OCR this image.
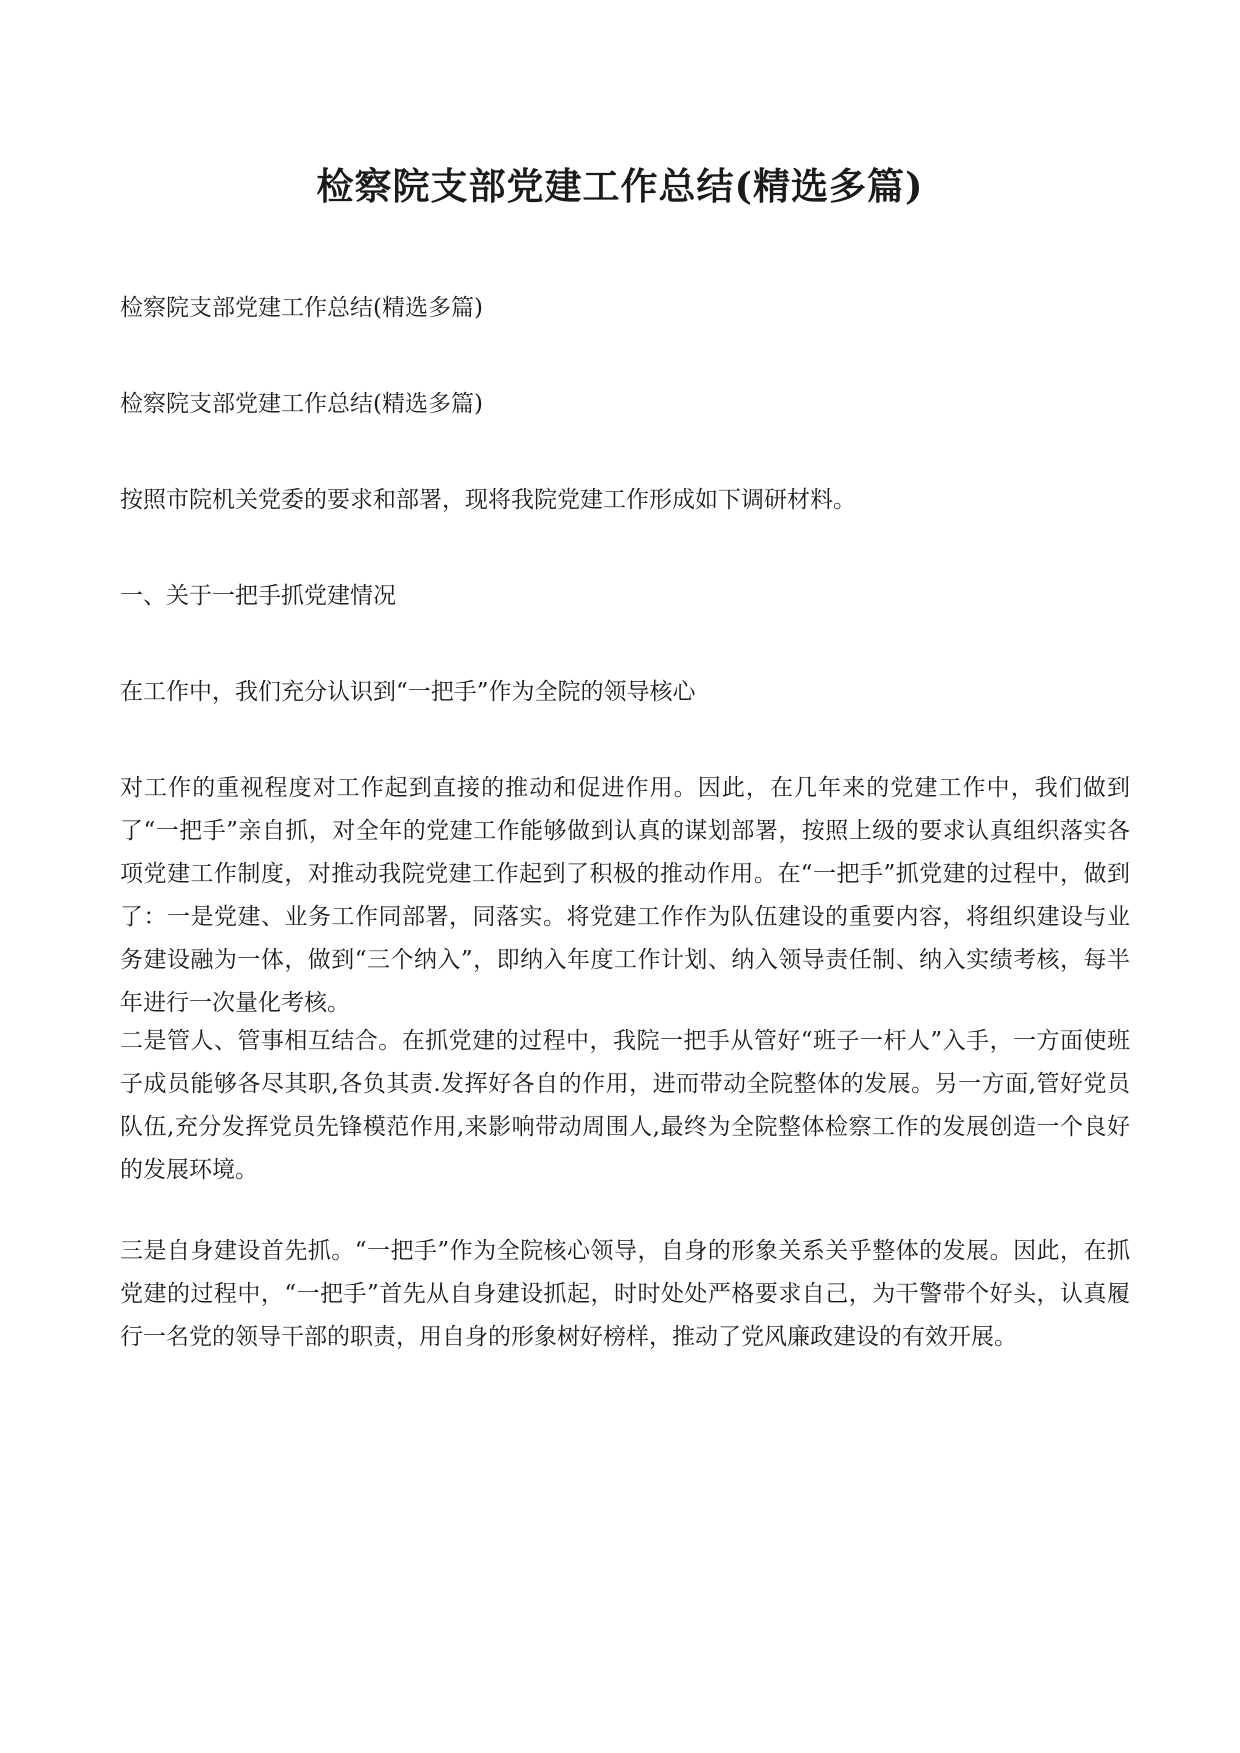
检察院支部党建工作总结(精选多篇)

检察院支部党建工作总结(精选多篇)

检察院支部党建工作总结(精选多篇)

按照市院机关党委的要求和部署，现将我院党建工作形成如下调研材料。

一、关于一把手抓党建情况

在工作中，我们充分认识到“一把手”作为全院的领导核心

对工作的重视程度对工作起到直接的推动和促进作用。因此，在几年来的党建工作中，我们做到了“一把手”亲自抓，对全年的党建工作能够做到认真的谋划部署，按照上级的要求认真组织落实各项党建工作制度，对推动我院党建工作起到了积极的推动作用。在“一把手”抓党建的过程中，做到了：一是党建、业务工作同部署，同落实。将党建工作作为队伍建设的重要内容，将组织建设与业务建设融为一体，做到“三个纳入”，即纳入年度工作计划、纳入领导责任制、纳入实绩考核，每半年进行一次量化考核。

二是管人、管事相互结合。在抓党建的过程中，我院一把手从管好“班子一杆人”入手，一方面使班子成员能够各尽其职,各负其责.发挥好各自的作用，进而带动全院整体的发展。另一方面,管好党员队伍,充分发挥党员先锋模范作用,来影响带动周围人,最终为全院整体检察工作的发展创造一个良好的发展环境。

三是自身建设首先抓。“一把手”作为全院核心领导，自身的形象关系关乎整体的发展。因此，在抓党建的过程中，“一把手”首先从自身建设抓起，时时处处严格要求自己，为干警带个好头，认真履行一名党的领导干部的职责，用自身的形象树好榜样，推动了党风廉政建设的有效开展。
